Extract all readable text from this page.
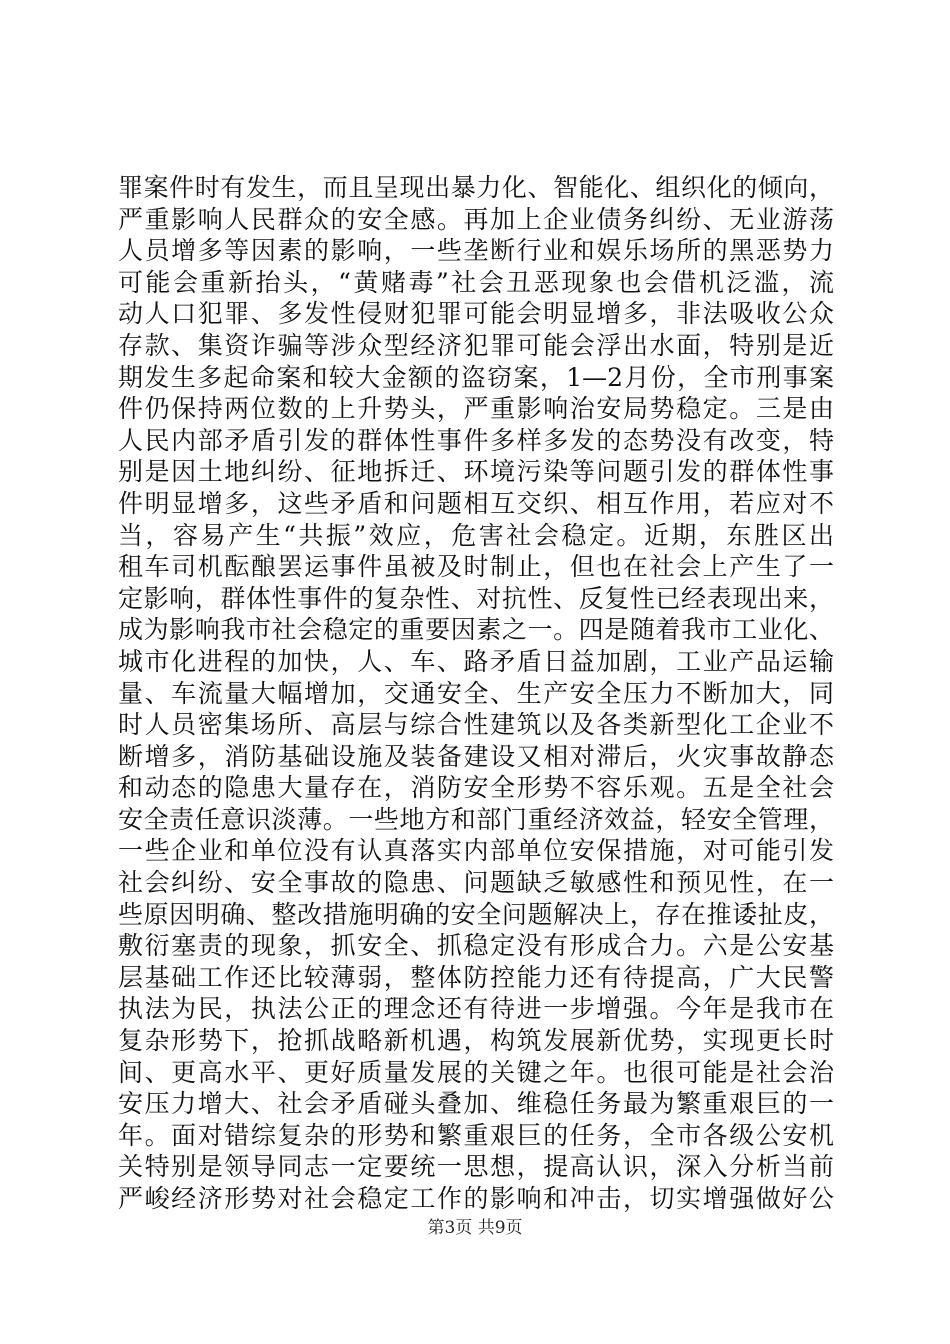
罪案件时有发生，而且呈现出暴力化、智能化、组织化的倾向，
严重影响人民群众的安全感。再加上企业债务纠纷、无业游荡
人员增多等因素的影响，一些垄断行业和娱乐场所的黑恶势力
可能会重新抬头，“黄赌毒”社会丑恶现象也会借机泛滥，流
动人口犯罪、多发性侵财犯罪可能会明显增多，非法吸收公众
存款、集资诈骗等涉众型经济犯罪可能会浮出水面，特别是近
期发生多起命案和较大金额的盗窃案，1—2月份，全市刑事案
件仍保持两位数的上升势头，严重影响治安局势稳定。三是由
人民内部矛盾引发的群体性事件多样多发的态势没有改变，特
别是因土地纠纷、征地拆迁、环境污染等问题引发的群体性事
件明显增多，这些矛盾和问题相互交织、相互作用，若应对不
当，容易产生“共振”效应，危害社会稳定。近期，东胜区出
租车司机酝酿罢运事件虽被及时制止，但也在社会上产生了一
定影响，群体性事件的复杂性、对抗性、反复性已经表现出来，
成为影响我市社会稳定的重要因素之一。四是随着我市工业化、
城市化进程的加快，人、车、路矛盾日益加剧，工业产品运输
量、车流量大幅增加，交通安全、生产安全压力不断加大，同
时人员密集场所、高层与综合性建筑以及各类新型化工企业不
断增多，消防基础设施及装备建设又相对滞后，火灾事故静态
和动态的隐患大量存在，消防安全形势不容乐观。五是全社会
安全责任意识淡薄。一些地方和部门重经济效益，轻安全管理，
一些企业和单位没有认真落实内部单位安保措施，对可能引发
社会纠纷、安全事故的隐患、问题缺乏敏感性和预见性，在一
些原因明确、整改措施明确的安全问题解决上，存在推诿扯皮，
敷衍塞责的现象，抓安全、抓稳定没有形成合力。六是公安基
层基础工作还比较薄弱，整体防控能力还有待提高，广大民警
执法为民，执法公正的理念还有待进一步增强。今年是我市在
复杂形势下，抢抓战略新机遇，构筑发展新优势，实现更长时
间、更高水平、更好质量发展的关键之年。也很可能是社会治
安压力增大、社会矛盾碰头叠加、维稳任务最为繁重艰巨的一
年。面对错综复杂的形势和繁重艰巨的任务，全市各级公安机
关特别是领导同志一定要统一思想，提高认识，深入分析当前
严峻经济形势对社会稳定工作的影响和冲击，切实增强做好公
第3页 共9页
